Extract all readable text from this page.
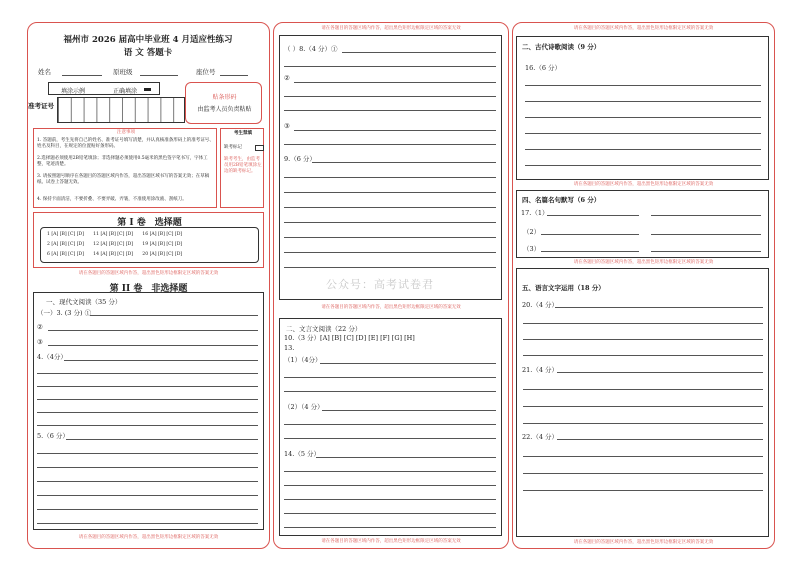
福州市 2026 届高中毕业班 4 月适应性练习
语 文 答题卡
姓名	原班级	座位号
填涂示例	正确填涂
准考证号
贴条形码
由监考人员负责粘贴
注意事项
1. 答题前，考生先将自己的姓名、准考证号填写清楚，并认真核准条形码上的准考证号、姓名及科目，在规定的位置贴好条形码。
2.选择题必须使用2B铅笔填涂；非选择题必须使用0.5毫米的黑色签字笔书写，字体工整，笔迹清楚。
3. 请按照题号顺序在各题目的答题区域内作答，超出答题区域书写的答案无效；在草稿纸、试卷上答题无效。
4. 保持卡面清洁，不要折叠、不要弄破、弄皱，不准使用涂改液、刮纸刀。
考生禁填
缺考标记
缺考考生，由监考员用2B铅笔填涂左边的缺考标记。
第 I 卷　选择题
1 [A] [B] [C] [D]　　11 [A] [B] [C] [D]　　16 [A] [B] [C] [D]
2 [A] [B] [C] [D]　　12 [A] [B] [C] [D]　　19 [A] [B] [C] [D]
6 [A] [B] [C] [D]　　14 [A] [B] [C] [D]　　20 [A] [B] [C] [D]
请在各题目的答题区域内作答，超出黑色矩形边框限定区域的答案无效
第 II 卷　非选择题
一、现代文阅读（35 分）
（一）3. (3 分) ①
②
③
4.（4分）
5.（6 分）
请在各题目的答题区域内作答，超出黑色矩形边框限定区域的答案无效
请在各题目的答题区域内作答，超出黑色矩形边框限定区域的答案无效
（ ）8.（4 分）①
②
③
9.（6 分）
公众号：高考试卷君
请在各题目的答题区域内作答，超出黑色矩形边框限定区域的答案无效
二、文言文阅读（22 分）
10.（3 分）[A] [B] [C] [D] [E] [F] [G] [H]
13.
（1）（4分）
（2）（4 分）
14.（5 分）
请在各题目的答题区域内作答，超出黑色矩形边框限定区域的答案无效
请在各题目的答题区域内作答，超出黑色矩形边框限定区域的答案无效
二、古代诗歌阅读（9 分）
16.（6 分）
请在各题目的答题区域内作答，超出黑色矩形边框限定区域的答案无效
四、名篇名句默写（6 分）
17.（1）
（2）
（3）
请在各题目的答题区域内作答，超出黑色矩形边框限定区域的答案无效
五、语言文字运用（18 分）
20.（4 分）
21.（4 分）
22.（4 分）
请在各题目的答题区域内作答，超出黑色矩形边框限定区域的答案无效
